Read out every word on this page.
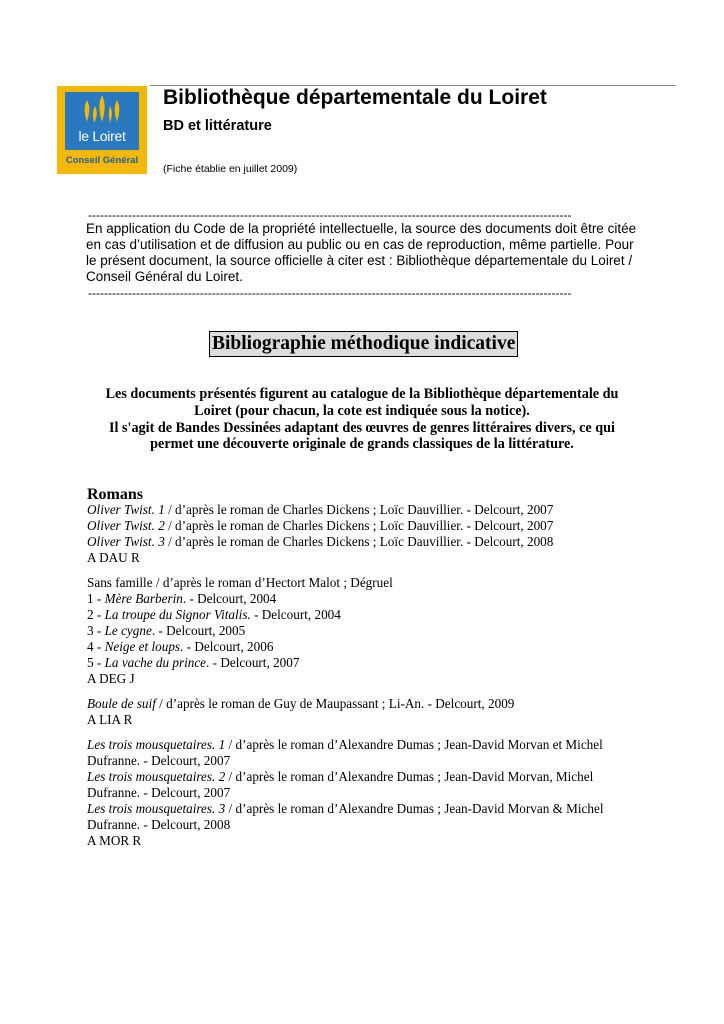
le Loiret
Conseil Général
Bibliothèque départementale du Loiret
BD et littérature
(Fiche établie en juillet 2009)
-------------------------------------------------------------------------------------------------------------------------
En application du Code de la propriété intellectuelle, la source des documents doit être citée en cas d’utilisation et de diffusion au public ou en cas de reproduction, même partielle. Pour le présent document, la source officielle à citer est : Bibliothèque départementale du Loiret / Conseil Général du Loiret.
-------------------------------------------------------------------------------------------------------------------------
Bibliographie méthodique indicative
Les documents présentés figurent au catalogue de la Bibliothèque départementale du Loiret (pour chacun, la cote est indiquée sous la notice).
Il s'agit de Bandes Dessinées adaptant des œuvres de genres littéraires divers, ce qui permet une découverte originale de grands classiques de la littérature.
Romans

Oliver Twist. 1 / d’après le roman de Charles Dickens ; Loïc Dauvillier. - Delcourt, 2007

Oliver Twist. 2 / d’après le roman de Charles Dickens ; Loïc Dauvillier. - Delcourt, 2007

Oliver Twist. 3 / d’après le roman de Charles Dickens ; Loïc Dauvillier. - Delcourt, 2008

A DAU R

Sans famille / d’après le roman d’Hectort Malot ; Dégruel

1 - Mère Barberin. - Delcourt, 2004

2 - La troupe du Signor Vitalis. - Delcourt, 2004

3 - Le cygne. - Delcourt, 2005

4 - Neige et loups. - Delcourt, 2006

5 - La vache du prince. - Delcourt, 2007

A DEG J

Boule de suif / d’après le roman de Guy de Maupassant ; Li-An. - Delcourt, 2009

A LIA R

Les trois mousquetaires. 1 / d’après le roman d’Alexandre Dumas ; Jean-David Morvan et Michel Dufranne. - Delcourt, 2007

Les trois mousquetaires. 2 / d’après le roman d’Alexandre Dumas ; Jean-David Morvan, Michel Dufranne. - Delcourt, 2007

Les trois mousquetaires. 3 / d’après le roman d’Alexandre Dumas ; Jean-David Morvan & Michel Dufranne. - Delcourt, 2008

A MOR R
